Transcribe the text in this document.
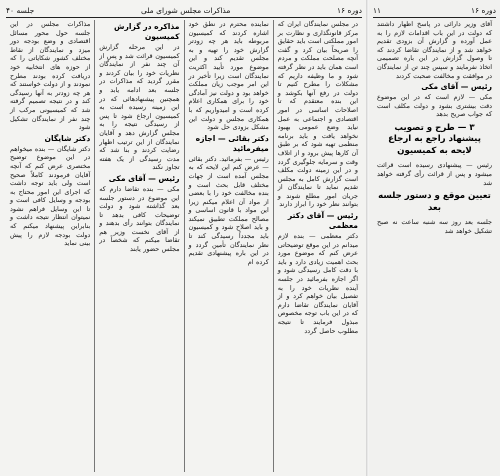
دوره ۱۶
مذاکرات مجلس شورای ملی
جلسه ۴۰
در مجلس نمایندگان ایران که مرکز قانونگذاری و نظارت بر امور مملکتی است باید حقایق را صریحاً بیان کرد و گفت آنچه مصلحت مملکت و مردم است همان باید در نظر گرفته شود و ما وظیفه داریم که مشکلات را مطرح کنیم تا دولت در رفع آنها بکوشد و این بنده معتقدم که تا اصلاحات اساسی در امور اقتصادی و اجتماعی به عمل نیاید وضع عمومی بهبود نخواهد یافت و باید برنامه منظمی تهیه شود که بر طبق آن کارها پیش برود و از اتلاف وقت و سرمایه جلوگیری گردد و در این زمینه دولت مکلف است گزارش کامل به مجلس تقدیم نماید تا نمایندگان از جریان امور مطلع شوند و بتوانند نظر خود را ابراز دارند
رئیس — آقای دکتر معظمی
دکتر معظمی — بنده لازم میدانم در این موقع توضیحاتی عرض کنم که موضوع مورد بحث اهمیت زیادی دارد و باید با دقت کامل رسیدگی شود و اگر اجازه بفرمائید در جلسه آینده نظریات خود را به تفصیل بیان خواهم کرد و از آقایان نمایندگان تقاضا دارم که در این باب توجه مخصوص مبذول فرمایند تا نتیجه مطلوب حاصل گردد
نماینده محترم در نطق خود اشاره کردند که کمیسیون مربوطه باید هر چه زودتر گزارش خود را تهیه و به مجلس تقدیم کند و این موضوع مورد تأیید اکثریت نمایندگان است زیرا تأخیر در این امر موجب زیان مملکت خواهد بود و دولت نیز آمادگی خود را برای همکاری اعلام کرده است و امیدواریم که با همکاری مجلس و دولت این مشکل بزودی حل شود
دکتر بقائی — اجازه میفرمائید
رئیس — بفرمائید. دکتر بقائی — عرض کنم این لایحه که به مجلس آمده است از جهات مختلف قابل بحث است و بنده مخالفت خود را با بعضی از مواد آن اعلام میکنم زیرا این مواد با قانون اساسی و مصالح مملکت تطبیق نمیکند و باید اصلاح شود و کمیسیون باید مجدداً رسیدگی کند تا نظر نمایندگان تأمین گردد و در این باره پیشنهادی تقدیم کرده ام
مذاکره در گزارش کمیسیون
در این مرحله گزارش کمیسیون قرائت شد و پس از آن چند نفر از نمایندگان نظریات خود را بیان کردند و مقرر گردید که مذاکرات در جلسه بعد ادامه یابد و همچنین پیشنهادهائی که در این زمینه رسیده است به کمیسیون ارجاع شود تا پس از رسیدگی نتیجه را به مجلس گزارش دهد و آقایان نمایندگان از این ترتیب اظهار رضایت کردند و بنا شد که مدت رسیدگی از یک هفته تجاوز نکند
رئیس — آقای مکی
مکی — بنده تقاضا دارم که این موضوع در دستور جلسه بعد گذاشته شود و دولت توضیحات کافی بدهد تا نمایندگان بتوانند رأی بدهند و از آقای نخست وزیر هم تقاضا میکنم که شخصاً در مجلس حضور یابند
مذاکرات مجلس در این جلسه حول محور مسائل اقتصادی و وضع بودجه دور میزد و نمایندگان از نقاط مختلف کشور شکایاتی را که از حوزه های انتخابیه خود دریافت کرده بودند مطرح نمودند و از دولت خواستند که هر چه زودتر به آنها رسیدگی کند و در نتیجه تصمیم گرفته شد که کمیسیونی مرکب از چند نفر از نمایندگان تشکیل شود
دکتر شایگان
دکتر شایگان — بنده میخواهم در این موضوع توضیح مختصری عرض کنم که آنچه آقایان فرمودند کاملاً صحیح است ولی باید توجه داشت که اجرای این امور محتاج به بودجه و وسایل کافی است و تا این وسایل فراهم نشود نمیتوان انتظار نتیجه داشت و بنابراین پیشنهاد میکنم که دولت بودجه لازم را پیش بینی نماید
دوره ۱۶
۱۱
آقای وزیر دارائی در پاسخ اظهار داشتند که دولت در این باب اقدامات لازم را به عمل آورده و گزارش آن بزودی تقدیم خواهد شد و از نمایندگان تقاضا کردند که تا وصول گزارش در این باره تصمیمی اتخاذ نفرمایند و سپس چند تن از نمایندگان در موافقت و مخالفت صحبت کردند
رئیس — آقای مکی
مکی — لازم است که در این موضوع دقت بیشتری بشود و دولت مکلف است که جواب صریح بدهد
۳ — طرح و تصویب پیشنهاد راجع به ارجاع لایحه به کمیسیون
رئیس — پیشنهادی رسیده است قرائت میشود و پس از قرائت رأی گرفته خواهد شد
تعیین موقع و دستور جلسه بعد
جلسه بعد روز سه شنبه ساعت نه صبح تشکیل خواهد شد
